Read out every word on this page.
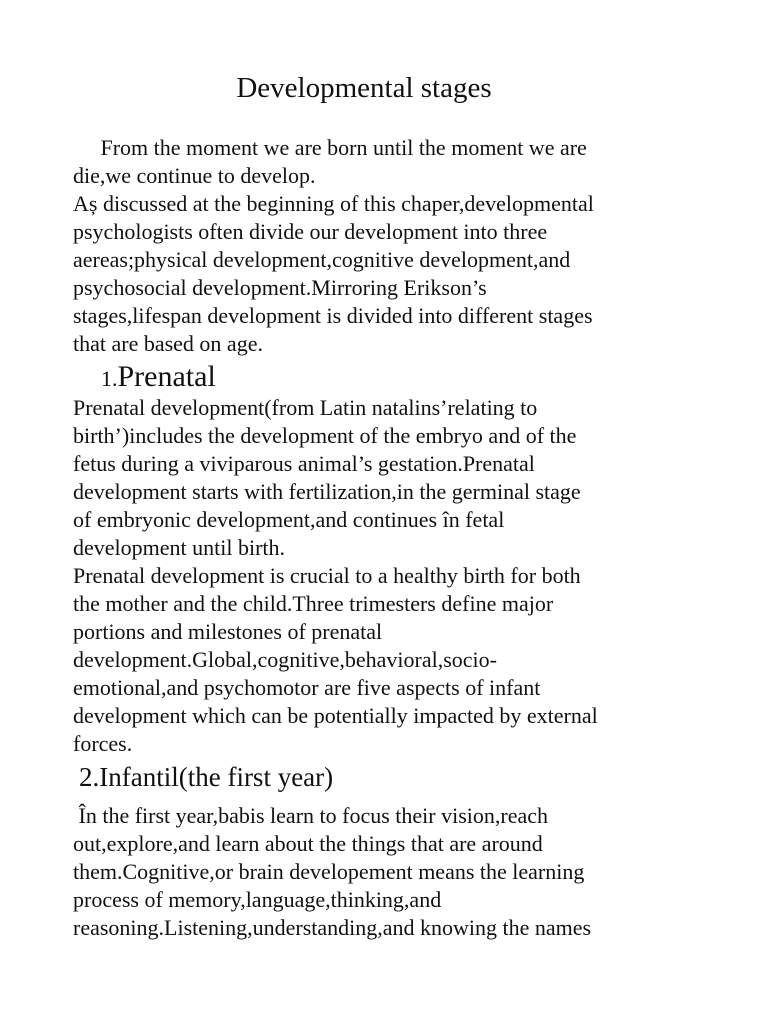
Developmental stages
From the moment we are born until the moment we are
die,we continue to develop.
Aș discussed at the beginning of this chaper,developmental
psychologists often divide our development into three
aereas;physical development,cognitive development,and
psychosocial development.Mirroring Erikson’s
stages,lifespan development is divided into different stages
that are based on age.
1.Prenatal
Prenatal development(from Latin natalins’relating to
birth’)includes the development of the embryo and of the
fetus during a viviparous animal’s gestation.Prenatal
development starts with fertilization,in the germinal stage
of embryonic development,and continues în fetal
development until birth.
Prenatal development is crucial to a healthy birth for both
the mother and the child.Three trimesters define major
portions and milestones of prenatal
development.Global,cognitive,behavioral,socio-
emotional,and psychomotor are five aspects of infant
development which can be potentially impacted by external
forces.
2.Infantil(the first year)
În the first year,babis learn to focus their vision,reach
out,explore,and learn about the things that are around
them.Cognitive,or brain developement means the learning
process of memory,language,thinking,and
reasoning.Listening,understanding,and knowing the names
